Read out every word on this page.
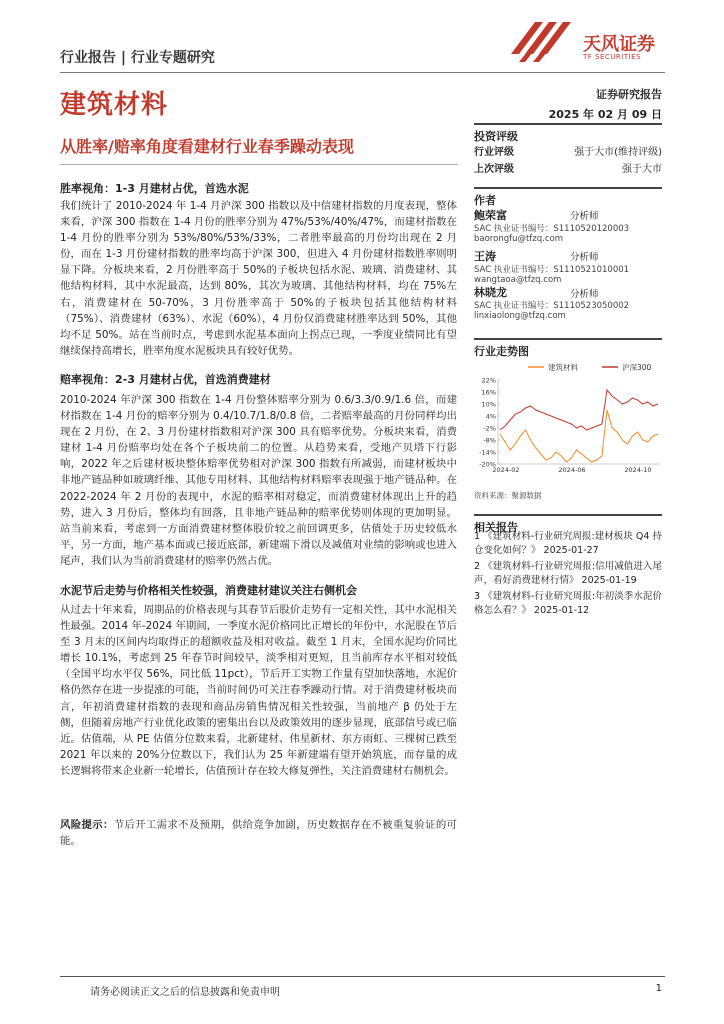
行业报告 | 行业专题研究
建筑材料
天风证券
TF SECURITIES
证券研究报告
2025 年 02 月 09 日
从胜率/赔率角度看建材行业春季躁动表现
胜率视角：1-3 月建材占优，首选水泥

我们统计了 2010-2024 年 1-4 月沪深 300 指数以及中信建材指数的月度表现，整体来看，沪深 300 指数在 1-4 月份的胜率分别为 47%/53%/40%/47%，而建材指数在 1-4 月份的胜率分别为 53%/80%/53%/33%，二者胜率最高的月份均出现在 2 月份，而在 1-3 月份建材指数的胜率均高于沪深 300，但进入 4 月份建材指数胜率则明显下降。分板块来看，2 月份胜率高于 50%的子板块包括水泥、玻璃、消费建材、其他结构材料，其中水泥最高，达到 80%，其次为玻璃、其他结构材料，均在 75%左右，消费建材在 50-70%，3 月份胜率高于 50%的子板块包括其他结构材料（75%）、消费建材（63%）、水泥（60%），4 月份仅消费建材胜率达到 50%，其他均不足 50%。站在当前时点，考虑到水泥基本面向上拐点已现，一季度业绩同比有望继续保持高增长，胜率角度水泥板块具有较好优势。

赔率视角：2-3 月建材占优，首选消费建材

2010-2024 年沪深 300 指数在 1-4 月份整体赔率分别为 0.6/3.3/0.9/1.6 倍，而建材指数在 1-4 月份的赔率分别为 0.4/10.7/1.8/0.8 倍，二者赔率最高的月份同样均出现在 2 月份，在 2、3 月份建材指数相对沪深 300 具有赔率优势。分板块来看，消费建材 1-4 月份赔率均处在各个子板块前二的位置。从趋势来看，受地产贝塔下行影响，2022 年之后建材板块整体赔率优势相对沪深 300 指数有所减弱，而建材板块中非地产链品种如玻璃纤维、其他专用材料、其他结构材料赔率表现强于地产链品种。在 2022-2024 年 2 月份的表现中，水泥的赔率相对稳定，而消费建材体现出上升的趋势，进入 3 月份后，整体均有回落，且非地产链品种的赔率优势则体现的更加明显。站当前来看，考虑到一方面消费建材整体股价较之前回调更多，估值处于历史较低水平，另一方面，地产基本面或已接近底部，新建端下滑以及减值对业绩的影响或也进入尾声，我们认为当前消费建材的赔率仍然占优。

水泥节后走势与价格相关性较强，消费建材建议关注右侧机会

从过去十年来看，周期品的价格表现与其春节后股价走势有一定相关性，其中水泥相关性最强。2014 年-2024 年期间，一季度水泥价格同比正增长的年份中，水泥股在节后至 3 月末的区间内均取得正的超额收益及相对收益。截至 1 月末，全国水泥均价同比增长 10.1%，考虑到 25 年春节时间较早，淡季相对更短，且当前库存水平相对较低（全国平均水平仅 56%，同比低 11pct），节后开工实物工作量有望加快落地，水泥价格仍然存在进一步提涨的可能，当前时间仍可关注春季躁动行情。对于消费建材板块而言，年初消费建材指数的表现和商品房销售情况相关性较强，当前地产 β 仍处于左侧，但随着房地产行业优化政策的密集出台以及政策效用的逐步显现，底部信号或已临近。估值端，从 PE 估值分位数来看，北新建材、伟星新材、东方雨虹、三棵树已跌至 2021 年以来的 20%分位数以下，我们认为 25 年新建端有望开始筑底，而存量的成长逻辑将带来企业新一轮增长，估值预计存在较大修复弹性，关注消费建材右侧机会。

风险提示：节后开工需求不及预期，供给竞争加剧，历史数据存在不被重复验证的可能。
投资评级
行业评级	强于大市(维持评级)
上次评级	强于大市
作者
鲍荣富	分析师
SAC 执业证书编号：S1110520120003
baorongfu@tfzq.com
王涛	分析师
SAC 执业证书编号：S1110521010001
wangtaoa@tfzq.com
林晓龙	分析师
SAC 执业证书编号：S1110523050002
linxiaolong@tfzq.com
行业走势图
建筑材料	沪深300
22%
16%
10%
4%
-2%
-8%
-14%
-20%
2024-02	2024-06	2024-10
资料来源：聚源数据
相关报告

1 《建筑材料-行业研究周报:建材板块 Q4 持仓变化如何？》 2025-01-27

2 《建筑材料-行业研究周报:信用减值进入尾声，看好消费建材行情》 2025-01-19

3 《建筑材料-行业研究周报:年初淡季水泥价格怎么看？》 2025-01-12

请务必阅读正文之后的信息披露和免责申明	1
